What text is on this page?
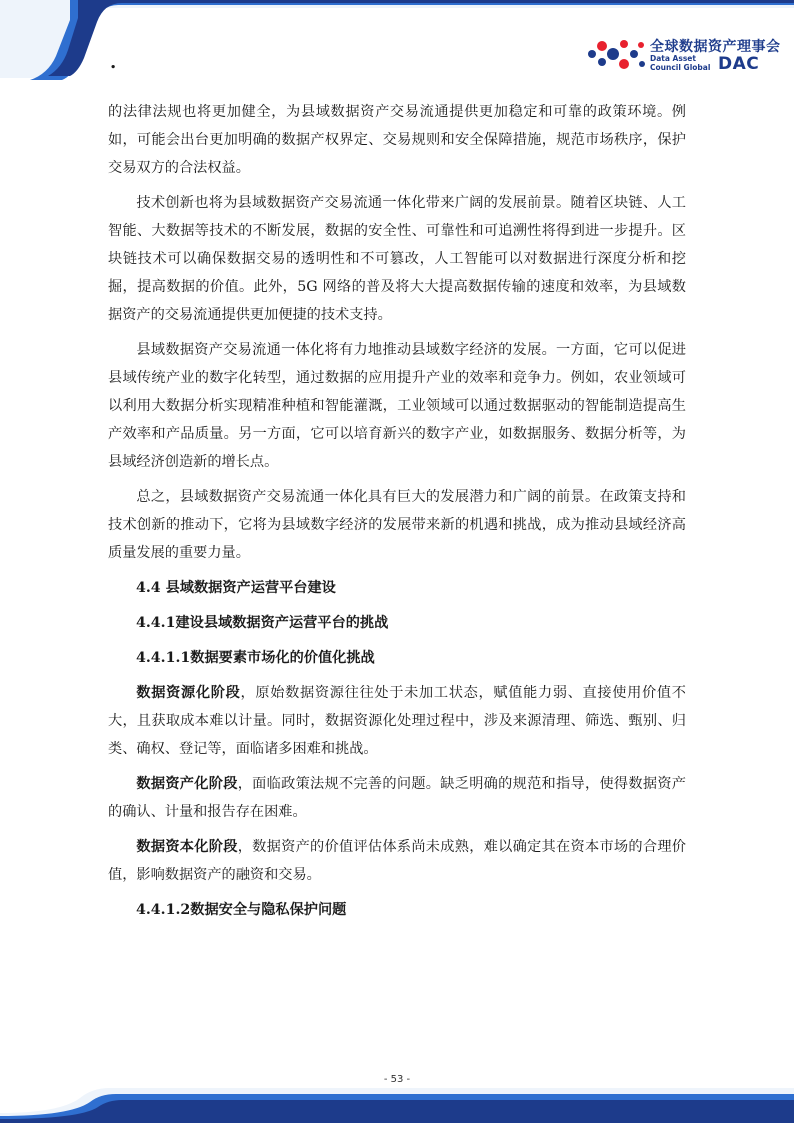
.
全球数据资产理事会
Data Asset
Council Global DAC

的法律法规也将更加健全，为县域数据资产交易流通提供更加稳定和可靠的政策环境。例如，可能会出台更加明确的数据产权界定、交易规则和安全保障措施，规范市场秩序，保护交易双方的合法权益。

技术创新也将为县域数据资产交易流通一体化带来广阔的发展前景。随着区块链、人工智能、大数据等技术的不断发展，数据的安全性、可靠性和可追溯性将得到进一步提升。区块链技术可以确保数据交易的透明性和不可篡改，人工智能可以对数据进行深度分析和挖掘，提高数据的价值。此外，5G 网络的普及将大大提高数据传输的速度和效率，为县域数据资产的交易流通提供更加便捷的技术支持。

县域数据资产交易流通一体化将有力地推动县域数字经济的发展。一方面，它可以促进县域传统产业的数字化转型，通过数据的应用提升产业的效率和竞争力。例如，农业领域可以利用大数据分析实现精准种植和智能灌溉，工业领域可以通过数据驱动的智能制造提高生产效率和产品质量。另一方面，它可以培育新兴的数字产业，如数据服务、数据分析等，为县域经济创造新的增长点。

总之，县域数据资产交易流通一体化具有巨大的发展潜力和广阔的前景。在政策支持和技术创新的推动下，它将为县域数字经济的发展带来新的机遇和挑战，成为推动县域经济高质量发展的重要力量。

4.4 县域数据资产运营平台建设
4.4.1建设县域数据资产运营平台的挑战
4.4.1.1数据要素市场化的价值化挑战

数据资源化阶段，原始数据资源往往处于未加工状态，赋值能力弱、直接使用价值不大，且获取成本难以计量。同时，数据资源化处理过程中，涉及来源清理、筛选、甄别、归类、确权、登记等，面临诸多困难和挑战。

数据资产化阶段，面临政策法规不完善的问题。缺乏明确的规范和指导，使得数据资产的确认、计量和报告存在困难。

数据资本化阶段，数据资产的价值评估体系尚未成熟，难以确定其在资本市场的合理价值，影响数据资产的融资和交易。

4.4.1.2数据安全与隐私保护问题
- 53 -
